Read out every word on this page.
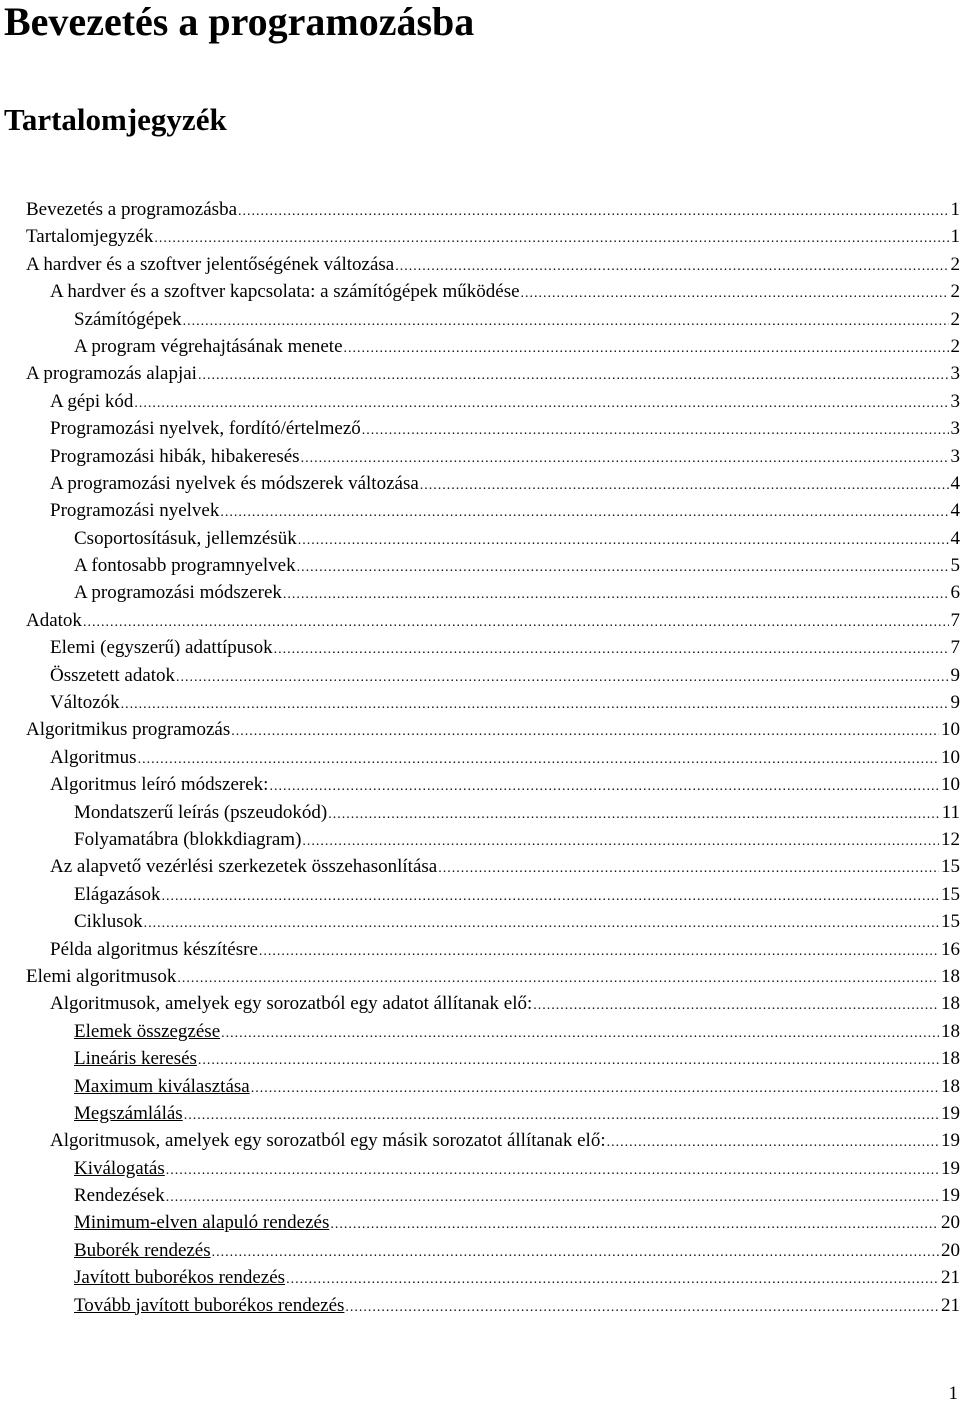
Bevezetés a programozásba
Tartalomjegyzék
Bevezetés a programozásba .....	1
Tartalomjegyzék .....	1
A hardver és a szoftver jelentőségének változása .....	2
A hardver és a szoftver kapcsolata: a számítógépek működése .....	2
Számítógépek .....	2
A program végrehajtásának menete .....	2
A programozás alapjai .....	3
A gépi kód .....	3
Programozási nyelvek, fordító/értelmező .....	3
Programozási hibák, hibakeresés .....	3
A programozási nyelvek és módszerek változása .....	4
Programozási nyelvek .....	4
Csoportosításuk, jellemzésük .....	4
A fontosabb programnyelvek .....	5
A programozási módszerek .....	6
Adatok .....	7
Elemi (egyszerű) adattípusok .....	7
Összetett adatok .....	9
Változók .....	9
Algoritmikus programozás .....	10
Algoritmus .....	10
Algoritmus leíró módszerek: .....	10
Mondatszerű leírás (pszeudokód) .....	11
Folyamatábra (blokkdiagram) .....	12
Az alapvető vezérlési szerkezetek összehasonlítása .....	15
Elágazások .....	15
Ciklusok .....	15
Példa algoritmus készítésre .....	16
Elemi algoritmusok .....	18
Algoritmusok, amelyek egy sorozatból egy adatot állítanak elő: .....	18
Elemek összegzése .....	18
Lineáris keresés .....	18
Maximum kiválasztása .....	18
Megszámlálás .....	19
Algoritmusok, amelyek egy sorozatból egy másik sorozatot állítanak elő: .....	19
Kiválogatás .....	19
Rendezések .....	19
Minimum-elven alapuló rendezés .....	20
Buborék rendezés .....	20
Javított buborékos rendezés .....	21
Tovább javított buborékos rendezés .....	21
1
